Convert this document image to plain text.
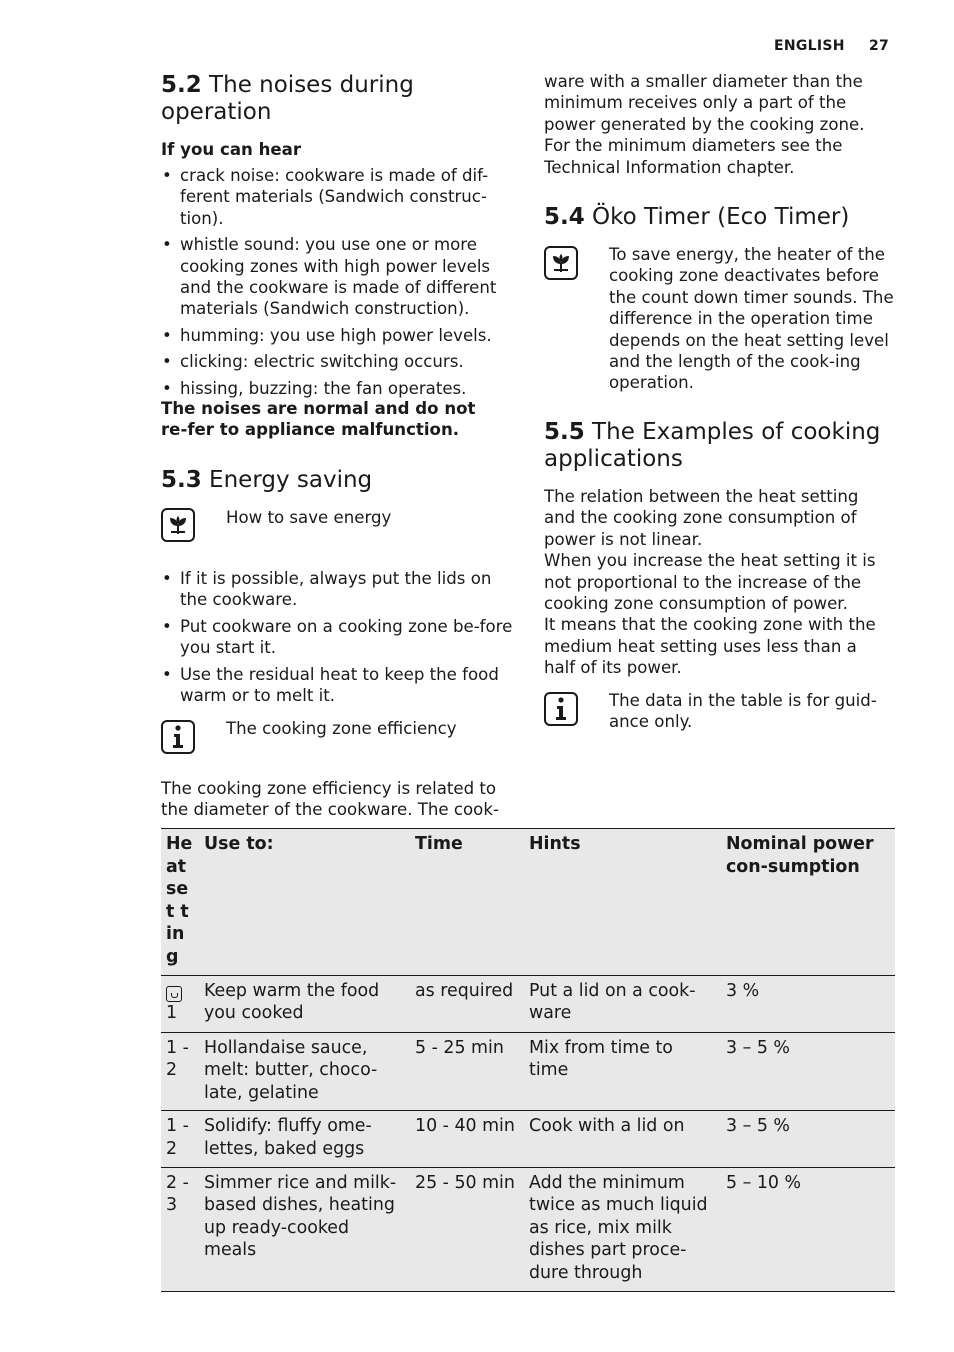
ENGLISH 27
5.2 The noises during operation

If you can hear

• crack noise: cookware is made of dif-ferent materials (Sandwich construc-tion).
• whistle sound: you use one or more cooking zones with high power levels and the cookware is made of different materials (Sandwich construction).
• humming: you use high power levels.
• clicking: electric switching occurs.
• hissing, buzzing: the fan operates.

The noises are normal and do not re-fer to appliance malfunction.

5.3 Energy saving

How to save energy

• If it is possible, always put the lids on the cookware.
• Put cookware on a cooking zone be-fore you start it.
• Use the residual heat to keep the food warm or to melt it.

The cooking zone efficiency

The cooking zone efficiency is related to the diameter of the cookware. The cook-

ware with a smaller diameter than the minimum receives only a part of the power generated by the cooking zone. For the minimum diameters see the Technical Information chapter.

5.4 Öko Timer (Eco Timer)

To save energy, the heater of the cooking zone deactivates before the count down timer sounds. The difference in the operation time depends on the heat setting level and the length of the cook-ing operation.

5.5 The Examples of cooking applications

The relation between the heat setting and the cooking zone consumption of power is not linear.

When you increase the heat setting it is not proportional to the increase of the cooking zone consumption of power.

It means that the cooking zone with the medium heat setting uses less than a half of its power.

The data in the table is for guid-ance only.

He at set tin g	Use to:	Time	Hints	Nominal power con-sumption

1	Keep warm the food you cooked	as required	Put a lid on a cook-ware	3 %
1 - 2	Hollandaise sauce, melt: butter, choco-late, gelatine	5 - 25 min	Mix from time to time	3 – 5 %
1 - 2	Solidify: fluffy ome-lettes, baked eggs	10 - 40 min	Cook with a lid on	3 – 5 %
2 - 3	Simmer rice and milk-based dishes, heating up ready-cooked meals	25 - 50 min	Add the minimum twice as much liquid as rice, mix milk dishes part proce-dure through	5 – 10 %
